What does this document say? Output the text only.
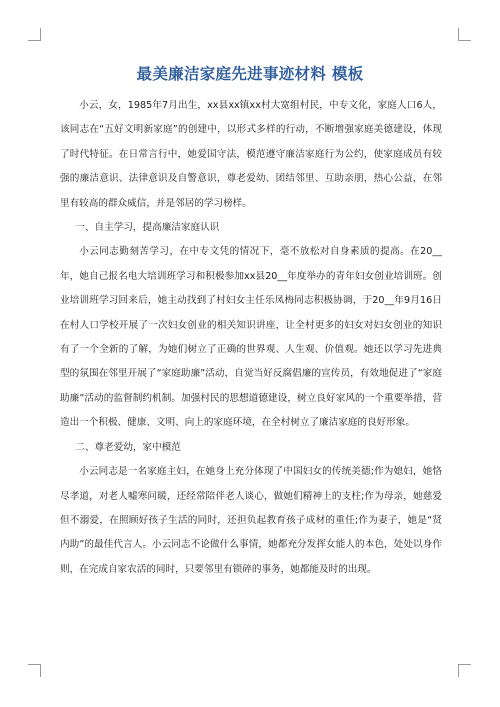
最美廉洁家庭先进事迹材料 模板

小云，女，1985年7月出生，xx县xx镇xx村大宽组村民，中专文化，家庭人口6人，该同志在“五好文明新家庭”的创建中，以形式多样的行动，不断增强家庭美德建设，体现了时代特征。在日常言行中，她爱国守法，模范遵守廉洁家庭行为公约，使家庭成员有较强的廉洁意识、法律意识及自警意识，尊老爱幼、团结邻里、互助亲朋，热心公益，在邻里有较高的群众威信，并是邻居的学习榜样。

一、自主学习，提高廉洁家庭认识

小云同志勤刻苦学习，在中专文凭的情况下，毫不放松对自身素质的提高。在20__年，她自己报名电大培训班学习和积极参加xx县20__年度举办的青年妇女创业培训班。创业培训班学习回来后，她主动找到了村妇女主任乐凤梅同志积极协调，于20__年9月16日在村人口学校开展了一次妇女创业的相关知识讲座，让全村更多的妇女对妇女创业的知识有了一个全新的了解，为她们树立了正确的世界观、人生观、价值观。她还以学习先进典型的氛围在邻里开展了“家庭助廉”活动，自觉当好反腐倡廉的宣传员，有效地促进了“家庭助廉”活动的监督制约机制。加强村民的思想道德建设，树立良好家风的一个重要举措，营造出一个积极、健康、文明、向上的家庭环境，在全村树立了廉洁家庭的良好形象。

二、尊老爱幼，家中模范

小云同志是一名家庭主妇，在她身上充分体现了中国妇女的传统美德;作为媳妇，她恪尽孝道，对老人嘘寒问暖，还经常陪伴老人谈心，做她们精神上的支柱;作为母亲，她慈爱但不溺爱，在照顾好孩子生活的同时，还担负起教育孩子成材的重任;作为妻子，她是“贤内助”的最佳代言人。小云同志不论做什么事情，她都充分发挥女能人的本色，处处以身作则，在完成自家农活的同时，只要邻里有锁碎的事务，她都能及时的出现。
